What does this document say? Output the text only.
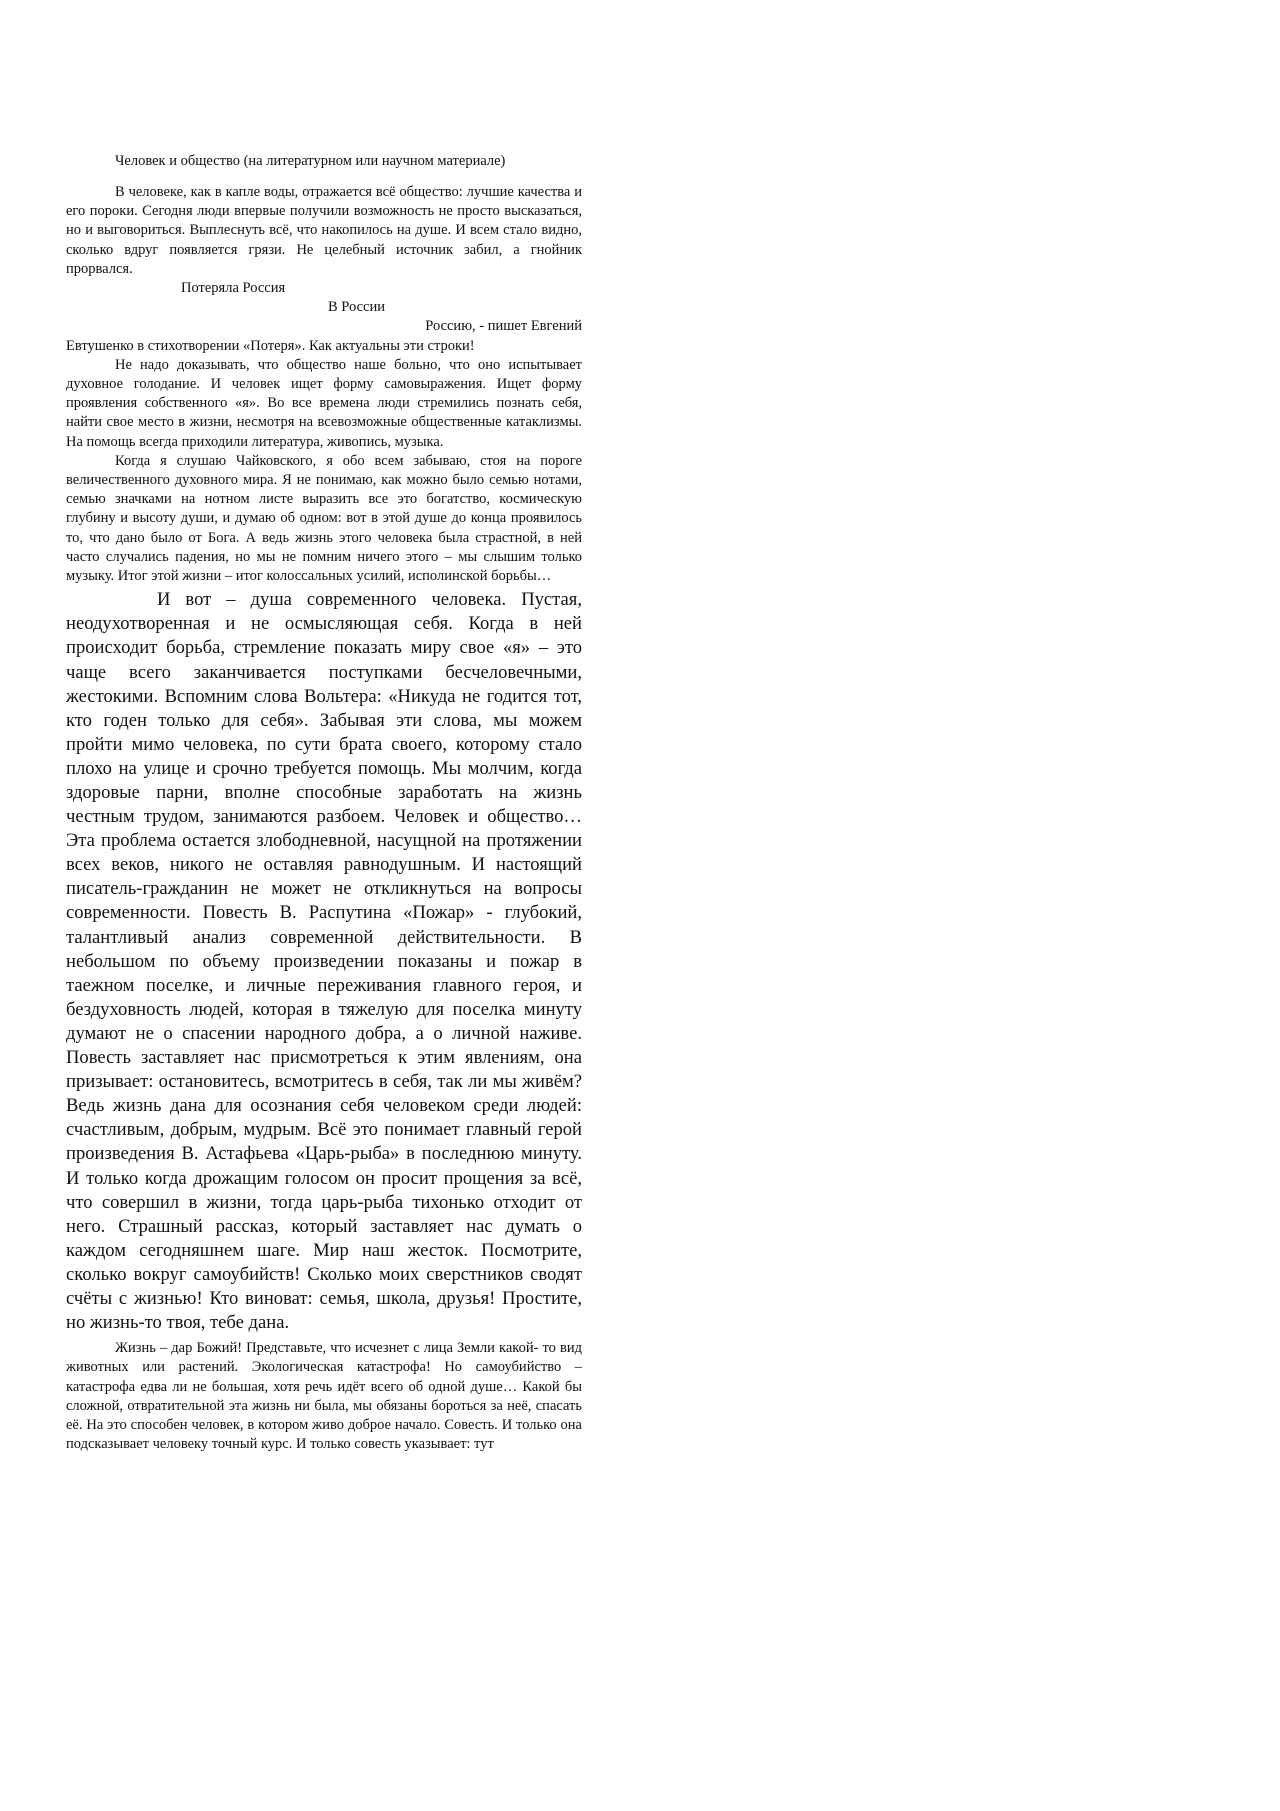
Человек и общество (на литературном или научном материале)

В человеке, как в капле воды, отражается всё общество: лучшие качества и его пороки. Сегодня люди впервые получили возможность не просто высказаться, но и выговориться. Выплеснуть всё, что накопилось на душе. И всем стало видно, сколько вдруг появляется грязи. Не целебный источник забил, а гнойник прорвался.

Потеряла Россия

В России

Россию, - пишет Евгений

Евтушенко в стихотворении «Потеря». Как актуальны эти строки!

Не надо доказывать, что общество наше больно, что оно испытывает духовное голодание. И человек ищет форму самовыражения. Ищет форму проявления собственного «я». Во все времена люди стремились познать себя, найти свое место в жизни, несмотря на всевозможные общественные катаклизмы. На помощь всегда приходили литература, живопись, музыка.

Когда я слушаю Чайковского, я обо всем забываю, стоя на пороге величественного духовного мира. Я не понимаю, как можно было семью нотами, семью значками на нотном листе выразить все это богатство, космическую глубину и высоту души, и думаю об одном: вот в этой душе до конца проявилось то, что дано было от Бога. А ведь жизнь этого человека была страстной, в ней часто случались падения, но мы не помним ничего этого – мы слышим только музыку. Итог этой жизни – итог колоссальных усилий, исполинской борьбы…

И вот – душа современного человека. Пустая, неодухотворенная и не осмысляющая себя. Когда в ней происходит борьба, стремление показать миру свое «я» – это чаще всего заканчивается поступками бесчеловечными, жестокими. Вспомним слова Вольтера: «Никуда не годится тот, кто годен только для себя». Забывая эти слова, мы можем пройти мимо человека, по сути брата своего, которому стало плохо на улице и срочно требуется помощь. Мы молчим, когда здоровые парни, вполне способные заработать на жизнь честным трудом, занимаются разбоем. Человек и общество… Эта проблема остается злободневной, насущной на протяжении всех веков, никого не оставляя равнодушным. И настоящий писатель-гражданин не может не откликнуться на вопросы современности. Повесть В. Распутина «Пожар» - глубокий, талантливый анализ современной действительности. В небольшом по объему произведении показаны и пожар в таежном поселке, и личные переживания главного героя, и бездуховность людей, которая в тяжелую для поселка минуту думают не о спасении народного добра, а о личной наживе. Повесть заставляет нас присмотреться к этим явлениям, она призывает: остановитесь, всмотритесь в себя, так ли мы живём? Ведь жизнь дана для осознания себя человеком среди людей: счастливым, добрым, мудрым. Всё это понимает главный герой произведения В. Астафьева «Царь-рыба» в последнюю минуту. И только когда дрожащим голосом он просит прощения за всё, что совершил в жизни, тогда царь-рыба тихонько отходит от него. Страшный рассказ, который заставляет нас думать о каждом сегодняшнем шаге. Мир наш жесток. Посмотрите, сколько вокруг самоубийств! Сколько моих сверстников сводят счёты с жизнью! Кто виноват: семья, школа, друзья! Простите, но жизнь-то твоя, тебе дана.

Жизнь – дар Божий! Представьте, что исчезнет с лица Земли какой- то вид животных или растений. Экологическая катастрофа! Но самоубийство – катастрофа едва ли не большая, хотя речь идёт всего об одной душе… Какой бы сложной, отвратительной эта жизнь ни была, мы обязаны бороться за неё, спасать её. На это способен человек, в котором живо доброе начало. Совесть. И только она подсказывает человеку точный курс. И только совесть указывает: тут
